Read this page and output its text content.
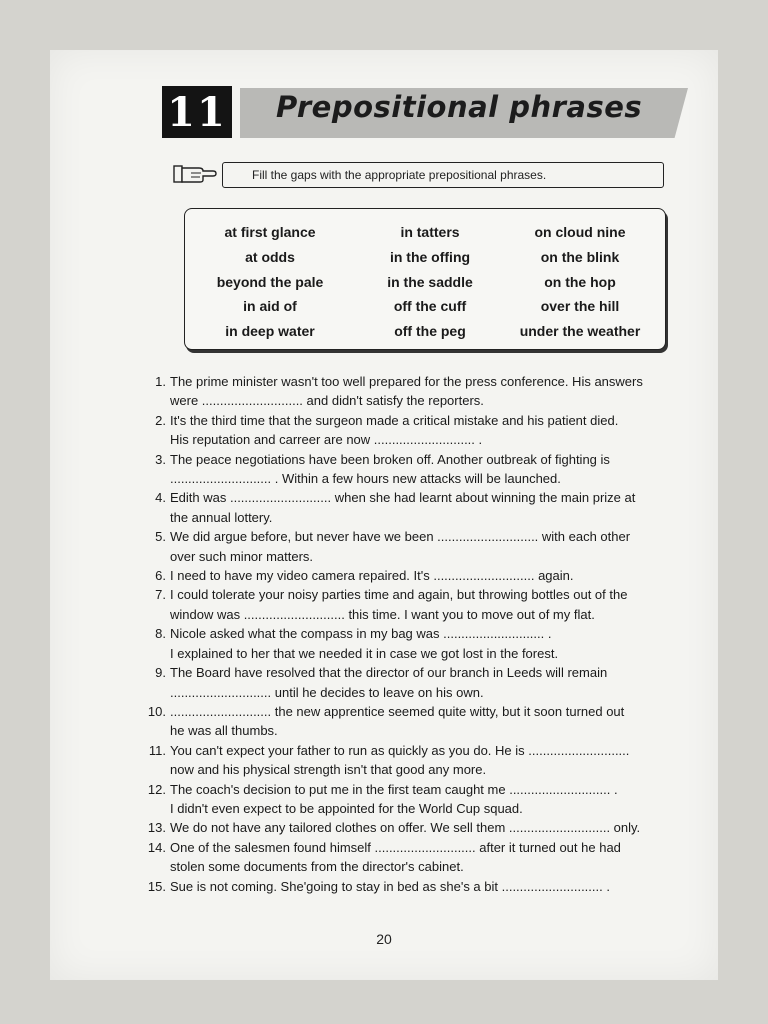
11 Prepositional phrases
Fill the gaps with the appropriate prepositional phrases.
at first glance
at odds
beyond the pale
in aid of
in deep water
in tatters
in the offing
in the saddle
off the cuff
off the peg
on cloud nine
on the blink
on the hop
over the hill
under the weather
1. The prime minister wasn't too well prepared for the press conference. His answers
were ............................ and didn't satisfy the reporters.
2. It's the third time that the surgeon made a critical mistake and his patient died.
His reputation and carreer are now ............................ .
3. The peace negotiations have been broken off. Another outbreak of fighting is
............................ . Within a few hours new attacks will be launched.
4. Edith was ............................ when she had learnt about winning the main prize at
the annual lottery.
5. We did argue before, but never have we been ............................ with each other
over such minor matters.
6. I need to have my video camera repaired. It's ............................ again.
7. I could tolerate your noisy parties time and again, but throwing bottles out of the
window was ............................ this time. I want you to move out of my flat.
8. Nicole asked what the compass in my bag was ............................ .
I explained to her that we needed it in case we got lost in the forest.
9. The Board have resolved that the director of our branch in Leeds will remain
............................ until he decides to leave on his own.
10. ............................ the new apprentice seemed quite witty, but it soon turned out
he was all thumbs.
11. You can't expect your father to run as quickly as you do. He is ............................
now and his physical strength isn't that good any more.
12. The coach's decision to put me in the first team caught me ............................ .
I didn't even expect to be appointed for the World Cup squad.
13. We do not have any tailored clothes on offer. We sell them ............................ only.
14. One of the salesmen found himself ............................ after it turned out he had
stolen some documents from the director's cabinet.
15. Sue is not coming. She'going to stay in bed as she's a bit ............................ .
20
